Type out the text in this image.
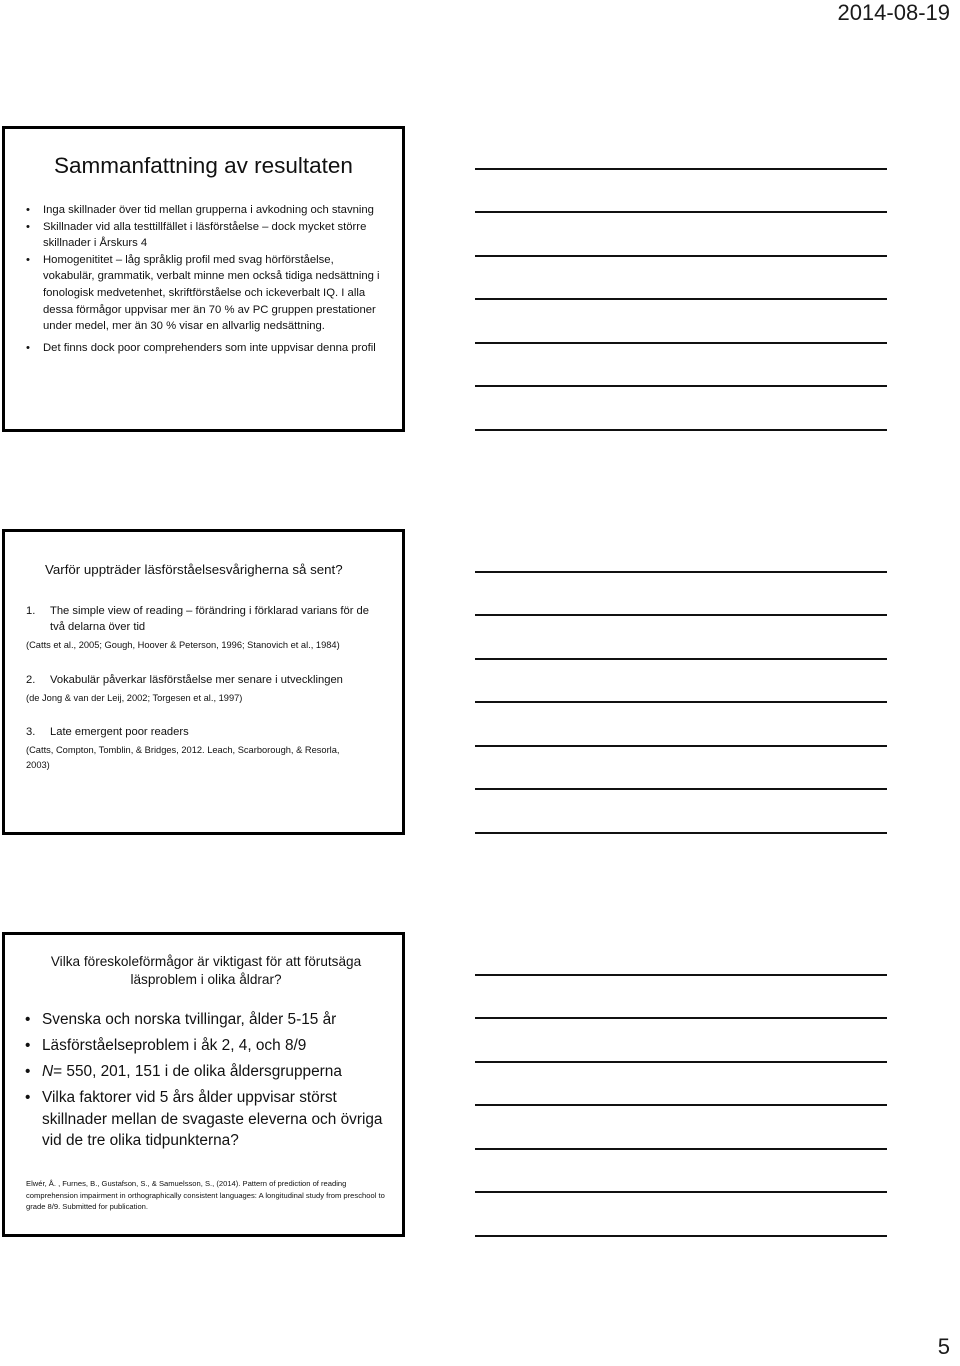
2014-08-19
Sammanfattning av resultaten
• Inga skillnader över tid mellan grupperna i avkodning och stavning
• Skillnader vid alla testtillfället i läsförståelse – dock mycket större skillnader i Årskurs 4
• Homogenititet – låg språklig profil med svag hörförståelse, vokabulär, grammatik, verbalt minne men också tidiga nedsättning i fonologisk medvetenhet, skriftförståelse och ickeverbalt IQ. I alla dessa förmågor uppvisar mer än 70 % av PC gruppen prestationer under medel, mer än 30 % visar en allvarlig nedsättning.
• Det finns dock poor comprehenders som inte uppvisar denna profil
Varför uppträder läsförståelsesvårigherna så sent?
1.	The simple view of reading – förändring i förklarad varians för de två delarna över tid
(Catts et al., 2005; Gough, Hoover & Peterson, 1996; Stanovich et al., 1984)
2.	Vokabulär påverkar läsförståelse mer senare i utvecklingen
(de Jong & van der Leij, 2002; Torgesen et al., 1997)
3.	Late emergent poor readers
(Catts, Compton, Tomblin, & Bridges, 2012. Leach, Scarborough, & Resorla, 2003)
Vilka föreskoleförmågor är viktigast för att förutsäga läsproblem i olika åldrar?
• Svenska och norska tvillingar, ålder 5-15 år
• Läsförståelseproblem i åk 2, 4, och 8/9
• N= 550, 201, 151 i de olika åldersgrupperna
• Vilka faktorer vid 5 års ålder uppvisar störst skillnader mellan de svagaste eleverna och övriga vid de tre olika tidpunkterna?
Elwér, Å. , Furnes, B., Gustafson, S., & Samuelsson, S., (2014). Pattern of prediction of reading comprehension impairment in orthographically consistent languages: A longitudinal study from preschool to grade 8/9. Submitted for publication.
5
